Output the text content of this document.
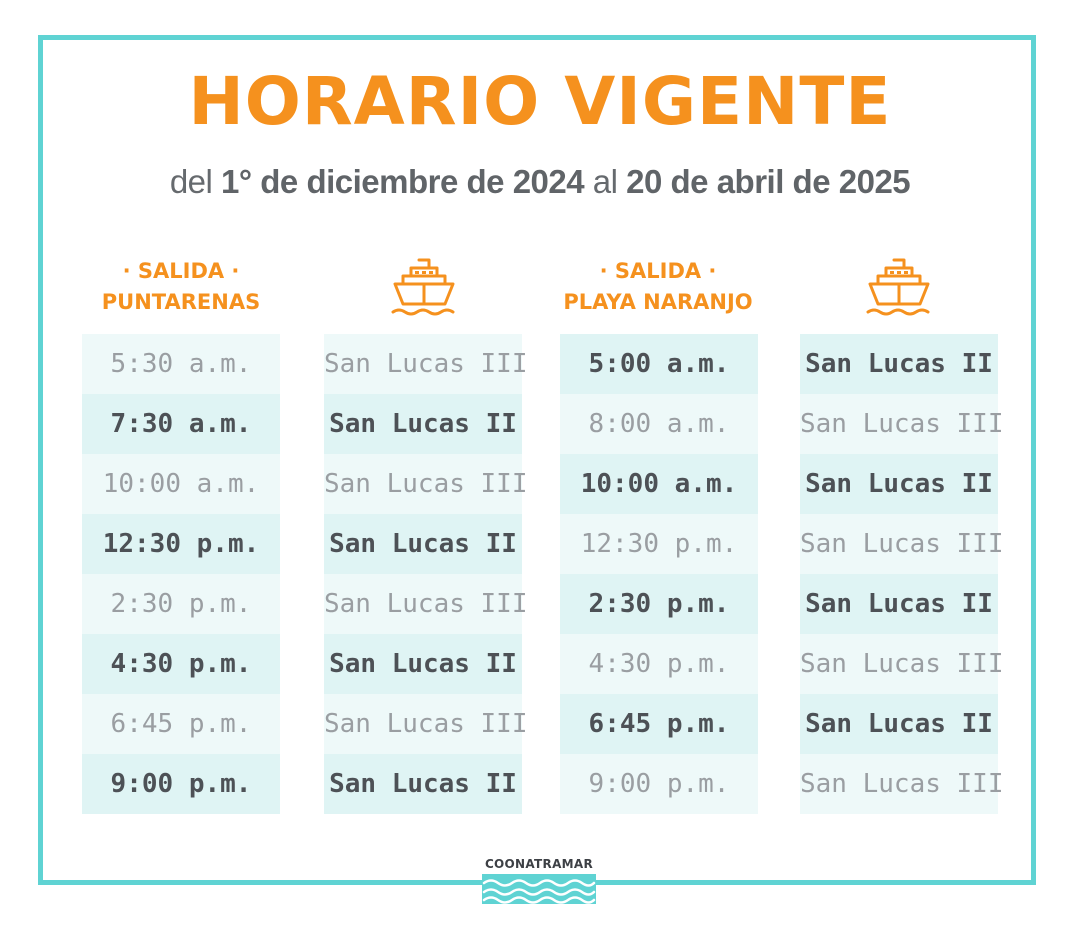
HORARIO VIGENTE
del 1° de diciembre de 2024 al 20 de abril de 2025
· SALIDA ·
PUNTARENAS
· SALIDA ·
PLAYA NARANJO
5:30 a.m.
7:30 a.m.
10:00 a.m.
12:30 p.m.
2:30 p.m.
4:30 p.m.
6:45 p.m.
9:00 p.m.
San Lucas III
San Lucas II
San Lucas III
San Lucas II
San Lucas III
San Lucas II
San Lucas III
San Lucas II
5:00 a.m.
8:00 a.m.
10:00 a.m.
12:30 p.m.
2:30 p.m.
4:30 p.m.
6:45 p.m.
9:00 p.m.
San Lucas II
San Lucas III
San Lucas II
San Lucas III
San Lucas II
San Lucas III
San Lucas II
San Lucas III
COONATRAMAR
